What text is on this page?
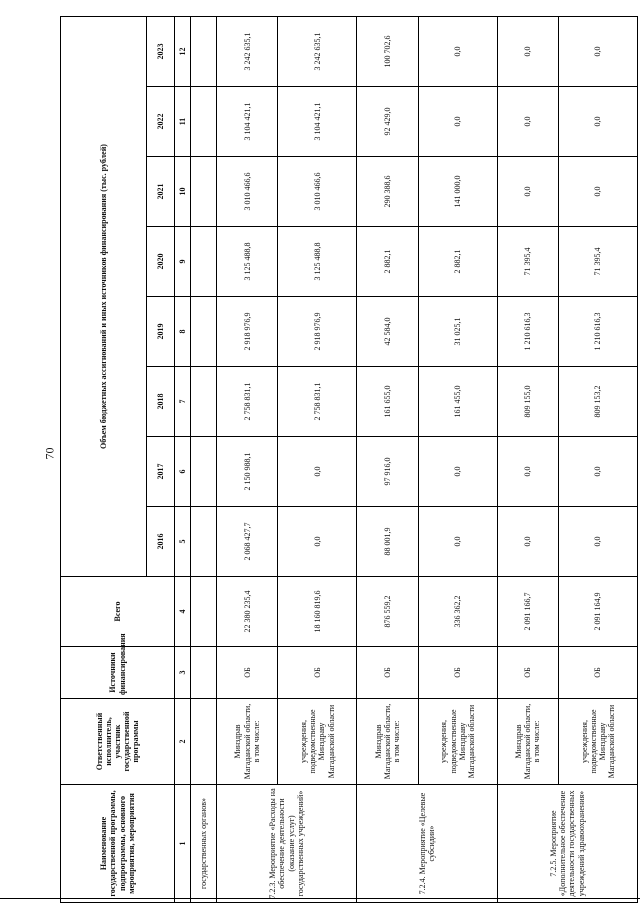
70
Наименование государственной программы, подпрограммы, основного мероприятия, мероприятия	Ответственный исполнитель, участник государственной программы	Источники финансирования	Всего	Объем бюджетных ассигнований и иных источников финансирования (тыс. рублей)							
				2016	2017	2018	2019	2020	2021	2022	2023
1	2	3	4	5	6	7	8	9	10	11	12
государственных органов»											
7.2.3. Мероприятие «Расходы на обеспечение деятельности (оказание услуг) государственных учреждений»	Минздрав Магаданской области, в том числе:	ОБ	22 380 235,4	2 068 427,7	2 150 988,1	2 758 831,1	2 918 976,9	3 125 488,8	3 010 466,6	3 104 421,1	3 242 635,1
	учреждения, подведомственные Минздраву Магаданской области	ОБ	18 160 819,6	0,0	0,0	2 758 831,1	2 918 976,9	3 125 488,8	3 010 466,6	3 104 421,1	3 242 635,1
7.2.4. Мероприятие «Целевые субсидии»	Минздрав Магаданской области, в том числе:	ОБ	876 559,2	88 001,9	97 916,0	161 655,0	42 584,0	2 882,1	290 388,6	92 429,0	100 702,6
	учреждения, подведомственные Минздраву Магаданской области	ОБ	336 362,2	0,0	0,0	161 455,0	31 025,1	2 882,1	141 000,0	0,0	0,0
7.2.5. Мероприятие «Дополнительное обеспечение деятельности государственных учреждений здравоохранения»	Минздрав Магаданской области, в том числе:	ОБ	2 091 166,7	0,0	0,0	809 155,0	1 210 616,3	71 395,4	0,0	0,0	0,0
	учреждения, подведомственные Минздраву Магаданской области	ОБ	2 091 164,9	0,0	0,0	809 153,2	1 210 616,3	71 395,4	0,0	0,0	0,0
